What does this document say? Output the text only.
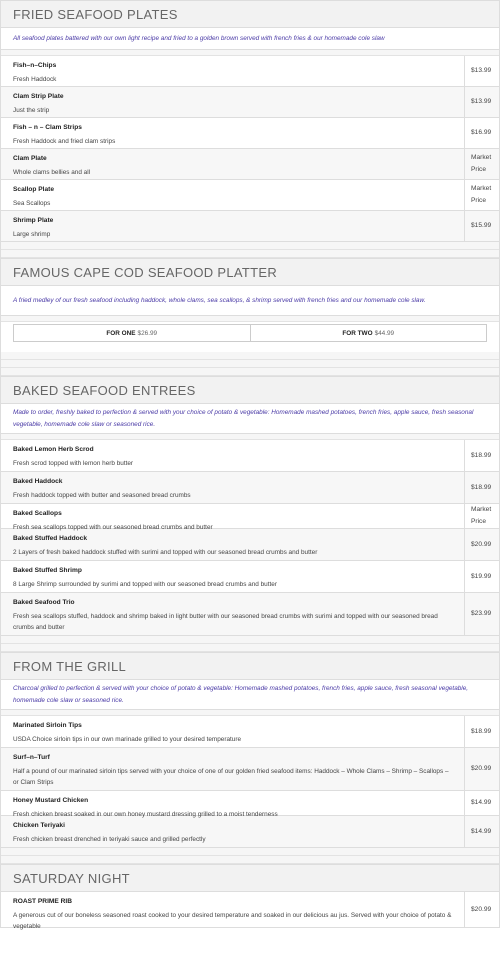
FRIED SEAFOOD PLATES
All seafood plates battered with our own light recipe and fried to a golden brown served with french fries & our homemade cole slaw
Fish–n–Chips
Fresh Haddock
$13.99
Clam Strip Plate
Just the strip
$13.99
Fish – n – Clam Strips
Fresh Haddock and fried clam strips
$16.99
Clam Plate
Whole clams bellies and all
Market Price
Scallop Plate
Sea Scallops
Market Price
Shrimp Plate
Large shrimp
$15.99
FAMOUS CAPE COD SEAFOOD PLATTER
A fried medley of our fresh seafood including haddock, whole clams, sea scallops, & shrimp served with french fries and our homemade cole slaw.
FOR ONE $26.99	FOR TWO $44.99
BAKED SEAFOOD ENTREES
Made to order, freshly baked to perfection & served with your choice of potato & vegetable: Homemade mashed potatoes, french fries, apple sauce, fresh seasonal vegetable, homemade cole slaw or seasoned rice.
Baked Lemon Herb Scrod
Fresh scrod topped with lemon herb butter
$18.99
Baked Haddock
Fresh haddock topped with butter and seasoned bread crumbs
$18.99
Baked Scallops
Fresh sea scallops topped with our seasoned bread crumbs and butter
Market Price
Baked Stuffed Haddock
2 Layers of fresh baked haddock stuffed with surimi and topped with our seasoned bread crumbs and butter
$20.99
Baked Stuffed Shrimp
8 Large Shrimp surrounded by surimi and topped with our seasoned bread crumbs and butter
$19.99
Baked Seafood Trio
Fresh sea scallops stuffed, haddock and shrimp baked in light butter with our seasoned bread crumbs with surimi and topped with our seasoned bread crumbs and butter
$23.99
FROM THE GRILL
Charcoal grilled to perfection & served with your choice of potato & vegetable: Homemade mashed potatoes, french fries, apple sauce, fresh seasonal vegetable, homemade cole slaw or seasoned rice.
Marinated Sirloin Tips
USDA Choice sirloin tips in our own marinade grilled to your desired temperature
$18.99
Surf–n–Turf
Half a pound of our marinated sirloin tips served with your choice of one of our golden fried seafood items: Haddock – Whole Clams – Shrimp – Scallops – or Clam Strips
$20.99
Honey Mustard Chicken
Fresh chicken breast soaked in our own honey mustard dressing grilled to a moist tenderness
$14.99
Chicken Teriyaki
Fresh chicken breast drenched in teriyaki sauce and grilled perfectly
$14.99
SATURDAY NIGHT
ROAST PRIME RIB
A generous cut of our boneless seasoned roast cooked to your desired temperature and soaked in our delicious au jus. Served with your choice of potato & vegetable
$20.99
